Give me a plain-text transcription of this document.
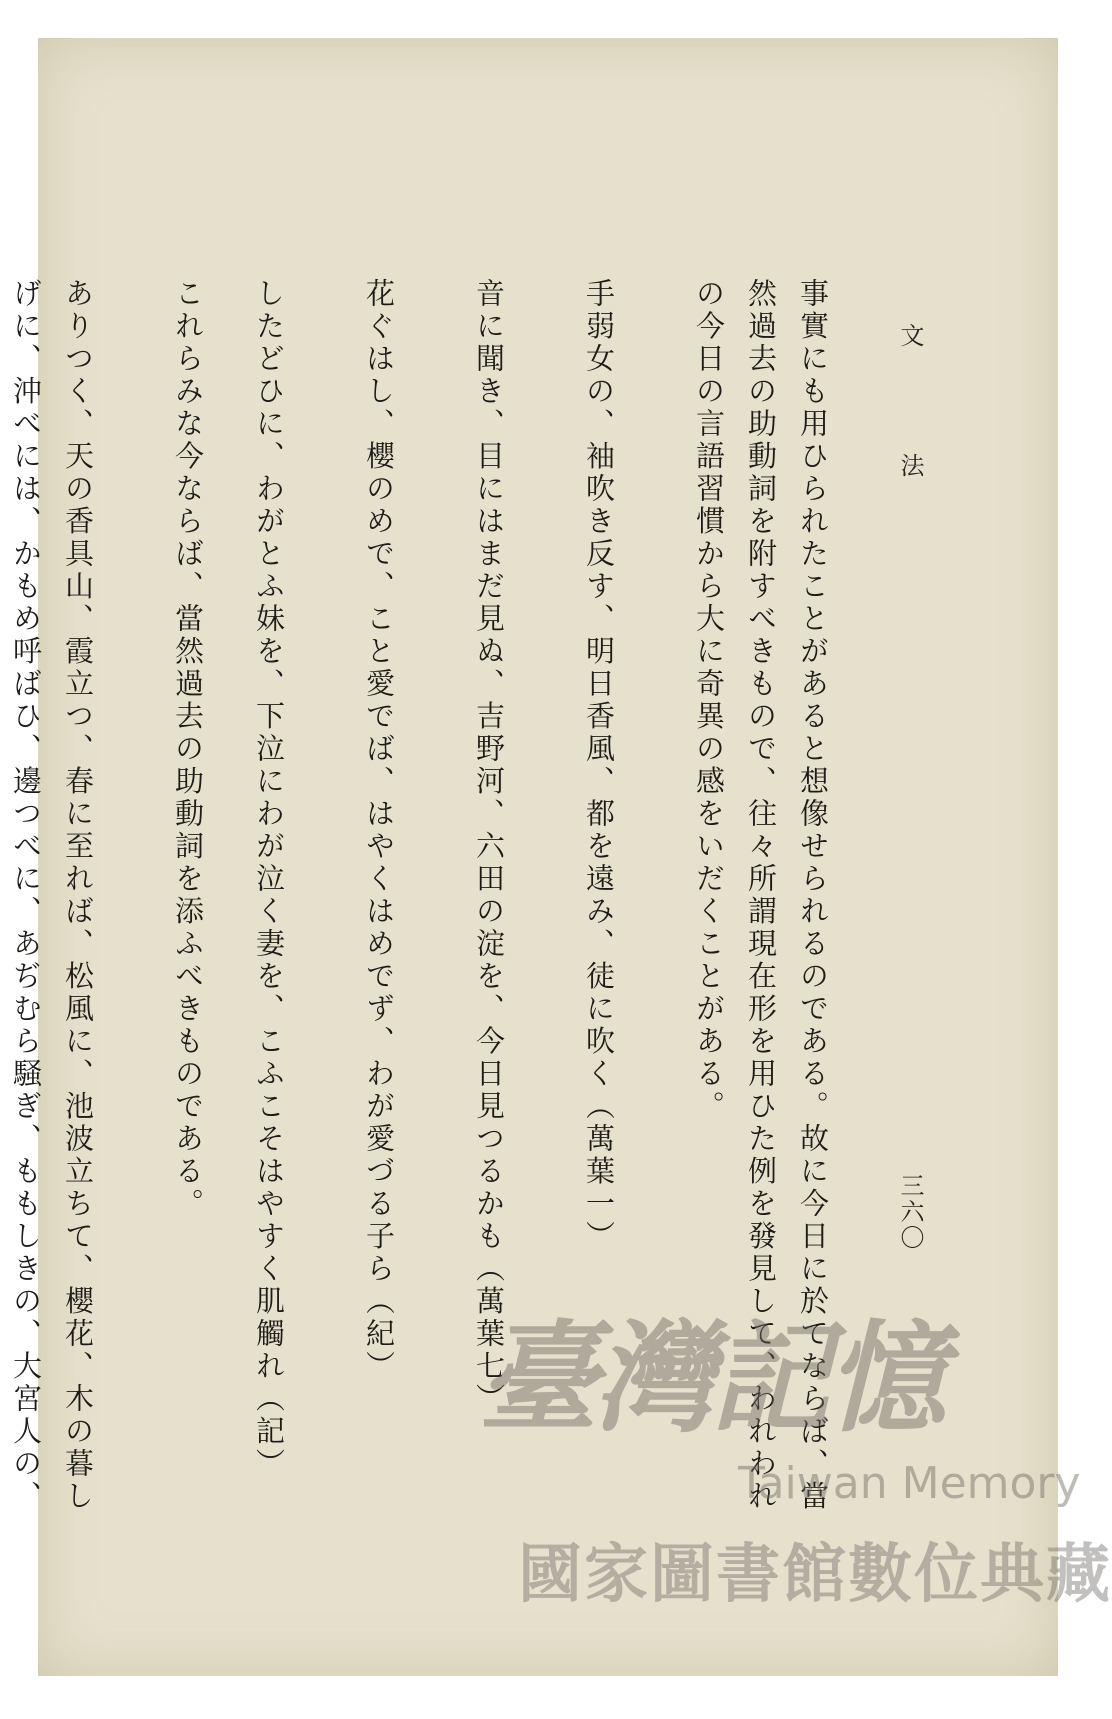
文
法
三六〇

事實にも用ひられたことがあると想像せられるのである。故に今日に於てならば、當然過去の助動詞を附すべきもので、往々所謂現在形を用ひた例を發見して、われわれの今日の言語習慣から大に奇異の感をいだくことがある。

手弱女の、袖吹き反す、明日香風、都を遠み、徒に吹く（萬葉一）

音に聞き、目にはまだ見ぬ、吉野河、六田の淀を、今日見つるかも（萬葉七）

花ぐはし、櫻のめで、こと愛でば、はやくはめでず、わが愛づる子ら（紀）

したどひに、わがとふ妹を、下泣にわが泣く妻を、こふこそはやすく肌觸れ（記）

これらみな今ならば、當然過去の助動詞を添ふべきものである。

ありつく、天の香具山、霞立つ、春に至れば、松風に、池波立ちて、櫻花、木の暮しげに、沖べには、かもめ呼ばひ、邊つべに、あぢむら騒ぎ、ももしきの、大宮人の、

臺灣記憶
Taiwan Memory
國家圖書館數位典藏
